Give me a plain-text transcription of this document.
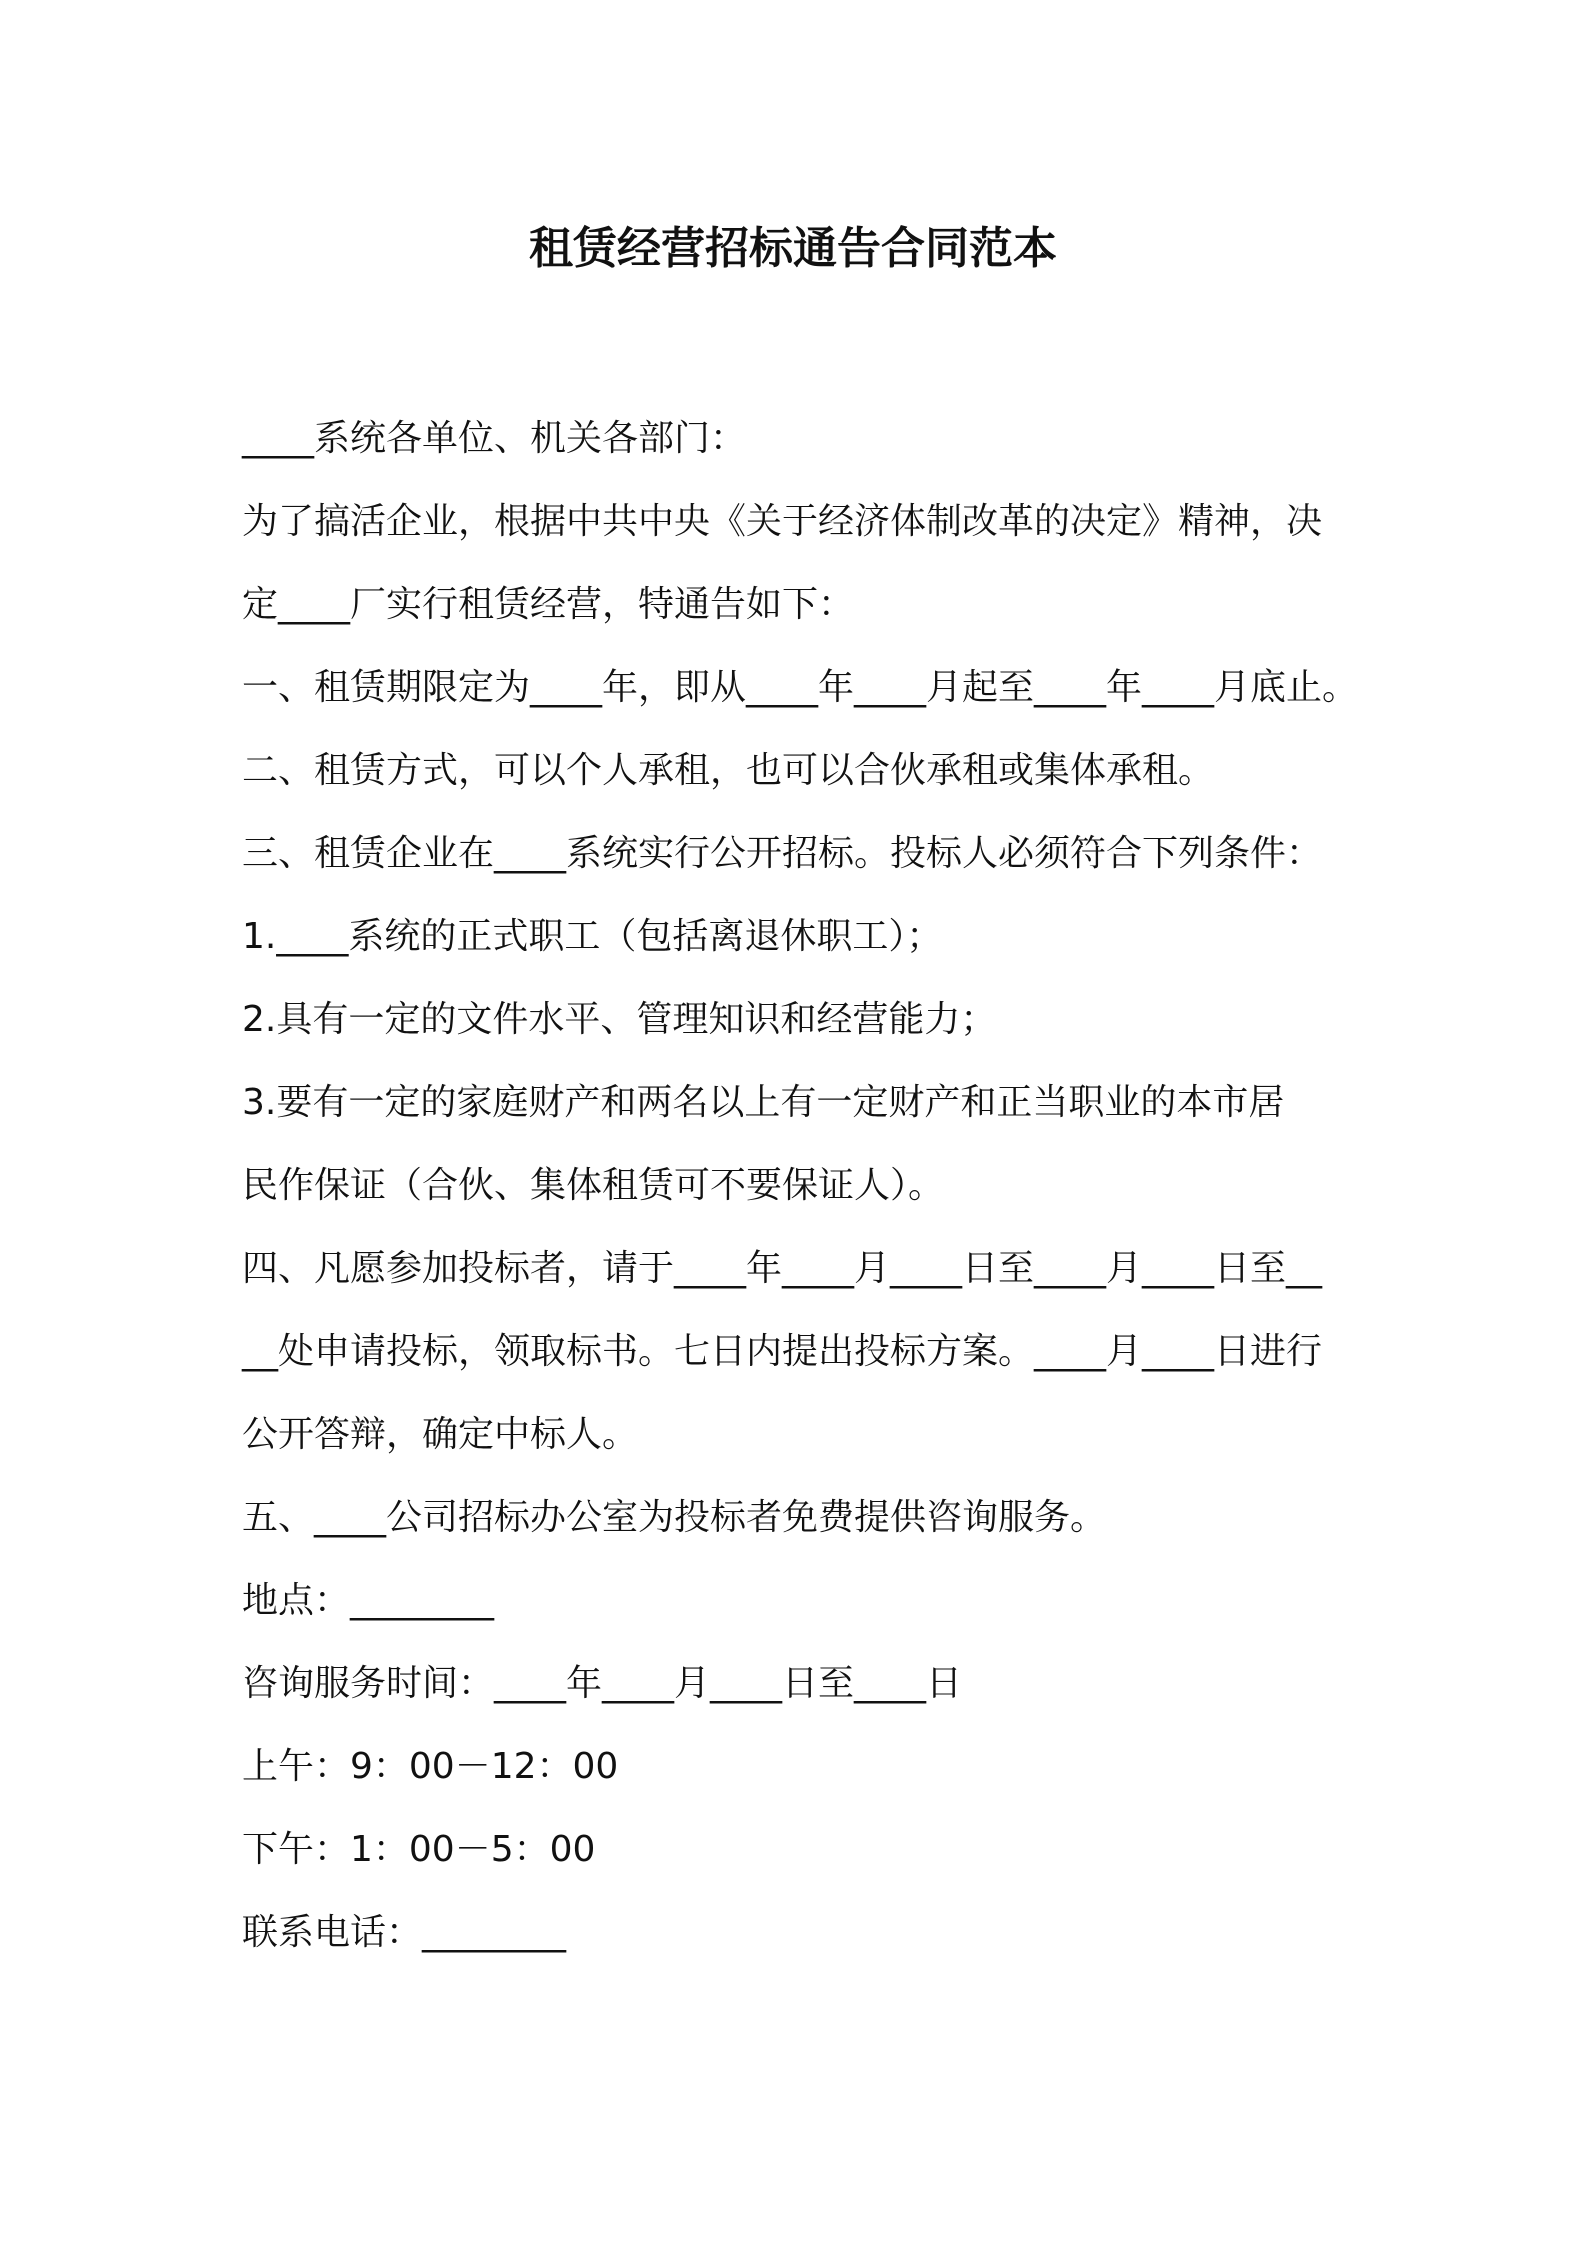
租赁经营招标通告合同范本
____系统各单位、机关各部门：
为了搞活企业，根据中共中央《关于经济体制改革的决定》精神，决
定____厂实行租赁经营，特通告如下：
一、租赁期限定为____年，即从____年____月起至____年____月底止。
二、租赁方式，可以个人承租，也可以合伙承租或集体承租。
三、租赁企业在____系统实行公开招标。投标人必须符合下列条件：
1.____系统的正式职工（包括离退休职工）；
2.具有一定的文件水平、管理知识和经营能力；
3.要有一定的家庭财产和两名以上有一定财产和正当职业的本市居
民作保证（合伙、集体租赁可不要保证人）。
四、凡愿参加投标者，请于____年____月____日至____月____日至__
__处申请投标，领取标书。七日内提出投标方案。____月____日进行
公开答辩，确定中标人。
五、____公司招标办公室为投标者免费提供咨询服务。
地点：________
咨询服务时间：____年____月____日至____日
上午：9：00－12：00
下午：1：00－5：00
联系电话：________
